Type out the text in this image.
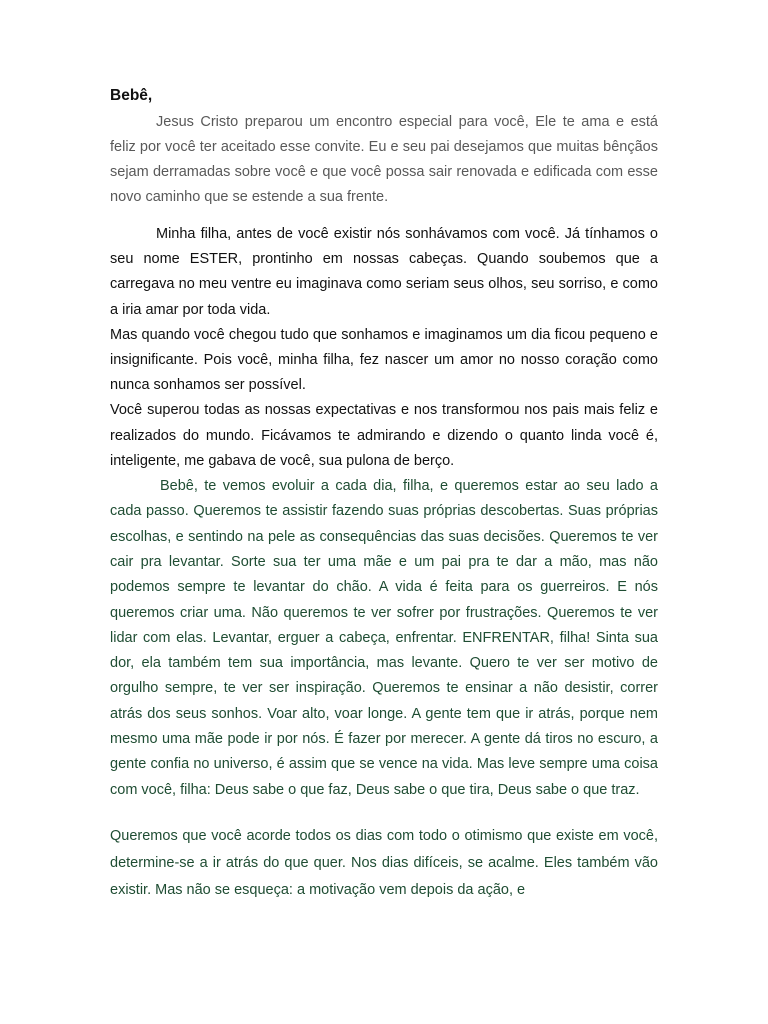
Bebê,

Jesus Cristo preparou um encontro especial para você, Ele te ama e está feliz por você ter aceitado esse convite. Eu e seu pai desejamos que muitas bênçãos sejam derramadas sobre você e que você possa sair renovada e edificada com esse novo caminho que se estende a sua frente.

Minha filha, antes de você existir nós sonhávamos com você. Já tínhamos o seu nome ESTER, prontinho em nossas cabeças. Quando soubemos que a carregava no meu ventre eu imaginava como seriam seus olhos, seu sorriso, e como a iria amar por toda vida.
Mas quando você chegou tudo que sonhamos e imaginamos um dia ficou pequeno e insignificante. Pois você, minha filha, fez nascer um amor no nosso coração como nunca sonhamos ser possível.
Você superou todas as nossas expectativas e nos transformou nos pais mais feliz e realizados do mundo. Ficávamos te admirando e dizendo o quanto linda você é, inteligente, me gabava de você, sua pulona de berço.

Bebê, te vemos evoluir a cada dia, filha, e queremos estar ao seu lado a cada passo. Queremos te assistir fazendo suas próprias descobertas. Suas próprias escolhas, e sentindo na pele as consequências das suas decisões. Queremos te ver cair pra levantar. Sorte sua ter uma mãe e um pai pra te dar a mão, mas não podemos sempre te levantar do chão. A vida é feita para os guerreiros. E nós queremos criar uma. Não queremos te ver sofrer por frustrações. Queremos te ver lidar com elas. Levantar, erguer a cabeça, enfrentar. ENFRENTAR, filha! Sinta sua dor, ela também tem sua importância, mas levante. Quero te ver ser motivo de orgulho sempre, te ver ser inspiração. Queremos te ensinar a não desistir, correr atrás dos seus sonhos. Voar alto, voar longe. A gente tem que ir atrás, porque nem mesmo uma mãe pode ir por nós. É fazer por merecer. A gente dá tiros no escuro, a gente confia no universo, é assim que se vence na vida. Mas leve sempre uma coisa com você, filha: Deus sabe o que faz, Deus sabe o que tira, Deus sabe o que traz.

Queremos que você acorde todos os dias com todo o otimismo que existe em você, determine-se a ir atrás do que quer. Nos dias difíceis, se acalme. Eles também vão existir. Mas não se esqueça: a motivação vem depois da ação, e
